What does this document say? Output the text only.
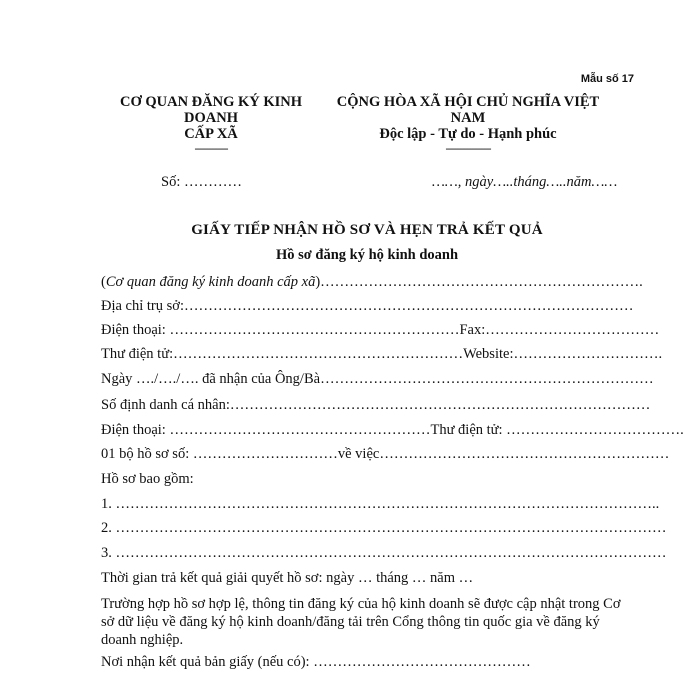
Mẫu số 17
CƠ QUAN ĐĂNG KÝ KINH
DOANH
CẤP XÃ
-----------
CỘNG HÒA XÃ HỘI CHỦ NGHĨA VIỆT
NAM
Độc lập - Tự do - Hạnh phúc
---------------
Số: …………	……, ngày…..tháng…..năm……
GIẤY TIẾP NHẬN HỒ SƠ VÀ HẸN TRẢ KẾT QUẢ
Hồ sơ đăng ký hộ kinh doanh
(Cơ quan đăng ký kinh doanh cấp xã)………………………………………………………….
Địa chỉ trụ sở:…………………………………………………………………………………
Điện thoại: ……………………………………………………Fax:………………………………
Thư điện tử:……………………………………………………Website:………………………….
Ngày …./…./…. đã nhận của Ông/Bà……………………………………………………………
Số định danh cá nhân:……………………………………………………………………………
Điện thoại: ………………………………………………Thư điện tử: ……………………………….
01 bộ hồ sơ số: …………………………về việc……………………………………………………
Hồ sơ bao gồm:
1. …………………………………………………………………………………………………..
2. ……………………………………………………………………………………………………
3. ……………………………………………………………………………………………………
Thời gian trả kết quả giải quyết hồ sơ: ngày … tháng … năm …
Trường hợp hồ sơ hợp lệ, thông tin đăng ký của hộ kinh doanh sẽ được cập nhật trong Cơ sở dữ liệu về đăng ký hộ kinh doanh/đăng tải trên Cổng thông tin quốc gia về đăng ký doanh nghiệp.
Nơi nhận kết quả bản giấy (nếu có): ………………………………………
